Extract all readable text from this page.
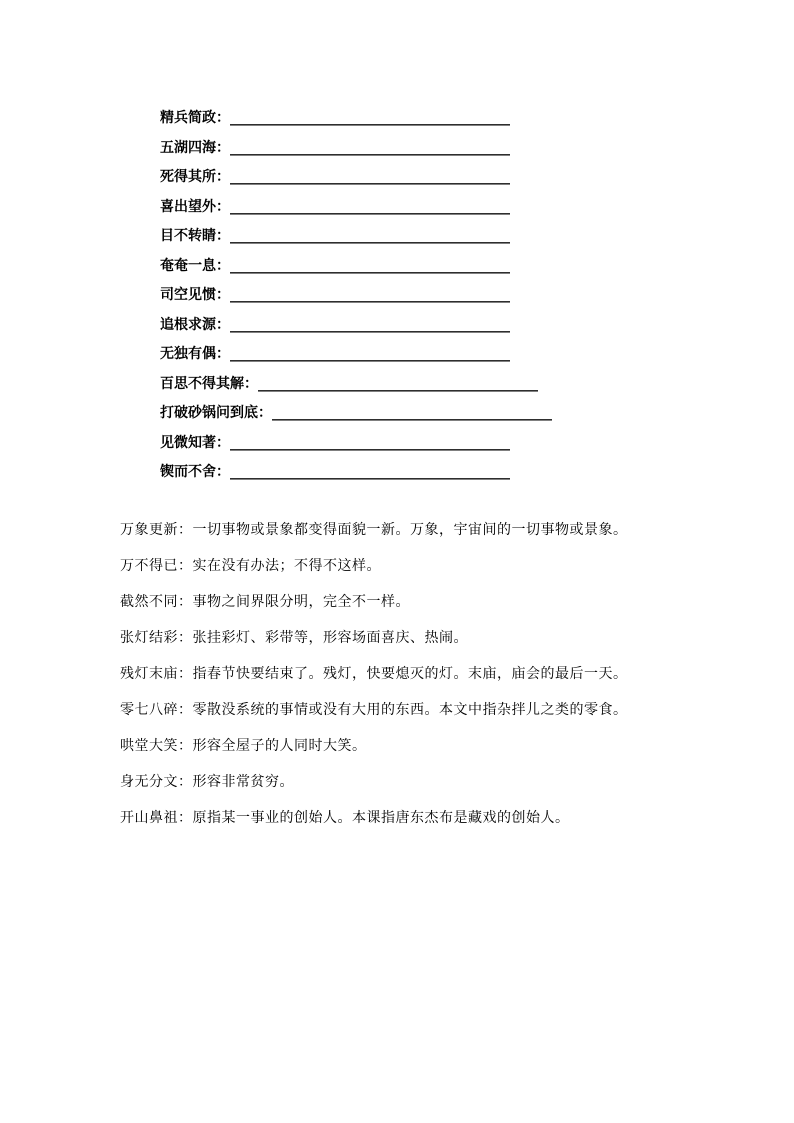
精兵简政：________________________________________
五湖四海：________________________________________
死得其所：________________________________________
喜出望外：________________________________________
目不转睛：________________________________________
奄奄一息：________________________________________
司空见惯：________________________________________
追根求源：________________________________________
无独有偶：________________________________________
百思不得其解：________________________________________
打破砂锅问到底：________________________________________
见微知著：________________________________________
锲而不舍：________________________________________

万象更新：一切事物或景象都变得面貌一新。万象，宇宙间的一切事物或景象。

万不得已：实在没有办法；不得不这样。

截然不同：事物之间界限分明，完全不一样。

张灯结彩：张挂彩灯、彩带等，形容场面喜庆、热闹。

残灯末庙：指春节快要结束了。残灯，快要熄灭的灯。末庙，庙会的最后一天。

零七八碎：零散没系统的事情或没有大用的东西。本文中指杂拌儿之类的零食。

哄堂大笑：形容全屋子的人同时大笑。

身无分文：形容非常贫穷。

开山鼻祖：原指某一事业的创始人。本课指唐东杰布是藏戏的创始人。
